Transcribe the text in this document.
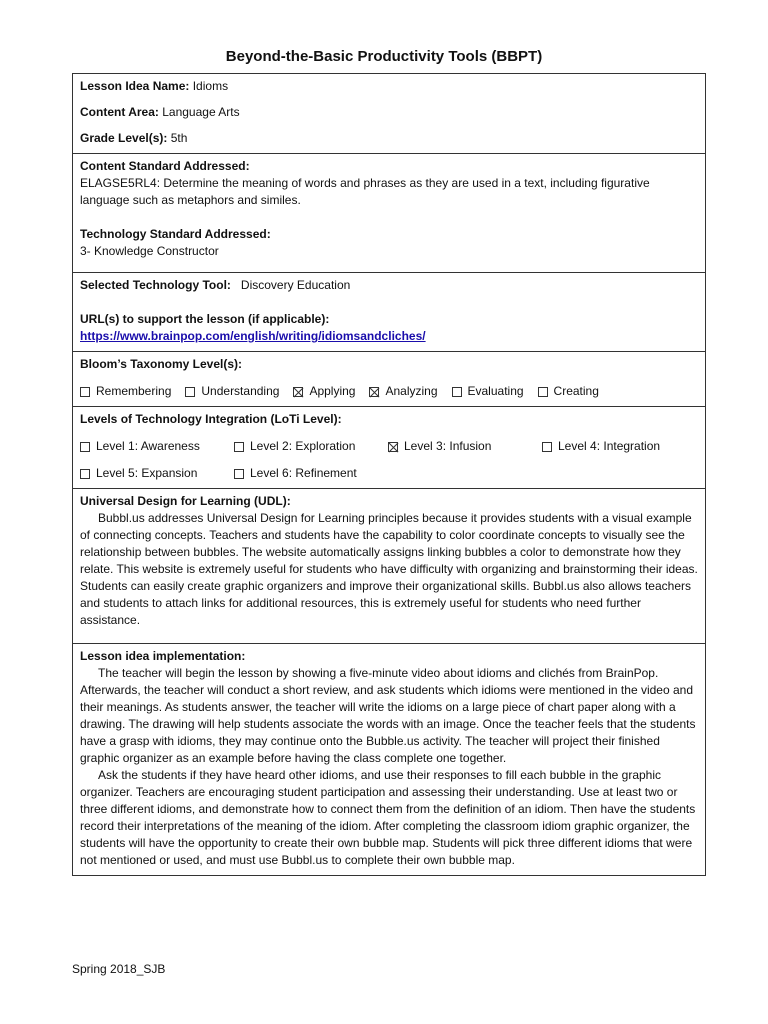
Beyond-the-Basic Productivity Tools (BBPT)
Lesson Idea Name: Idioms
Content Area: Language Arts
Grade Level(s): 5th
Content Standard Addressed:
ELAGSE5RL4: Determine the meaning of words and phrases as they are used in a text, including figurative language such as metaphors and similes.
Technology Standard Addressed:
3- Knowledge Constructor
Selected Technology Tool: Discovery Education
URL(s) to support the lesson (if applicable):
https://www.brainpop.com/english/writing/idiomsandcliches/
Bloom’s Taxonomy Level(s):
Remembering	Understanding	Applying	Analyzing	Evaluating	Creating
Levels of Technology Integration (LoTi Level):
Level 1: Awareness	Level 2: Exploration	Level 3: Infusion	Level 4: Integration
Level 5: Expansion	Level 6: Refinement
Universal Design for Learning (UDL):
Bubbl.us addresses Universal Design for Learning principles because it provides students with a visual example of connecting concepts. Teachers and students have the capability to color coordinate concepts to visually see the relationship between bubbles. The website automatically assigns linking bubbles a color to demonstrate how they relate. This website is extremely useful for students who have difficulty with organizing and brainstorming their ideas. Students can easily create graphic organizers and improve their organizational skills. Bubbl.us also allows teachers and students to attach links for additional resources, this is extremely useful for students who need further assistance.
Lesson idea implementation:
The teacher will begin the lesson by showing a five-minute video about idioms and clichés from BrainPop. Afterwards, the teacher will conduct a short review, and ask students which idioms were mentioned in the video and their meanings. As students answer, the teacher will write the idioms on a large piece of chart paper along with a drawing. The drawing will help students associate the words with an image. Once the teacher feels that the students have a grasp with idioms, they may continue onto the Bubble.us activity. The teacher will project their finished graphic organizer as an example before having the class complete one together.
Ask the students if they have heard other idioms, and use their responses to fill each bubble in the graphic organizer. Teachers are encouraging student participation and assessing their understanding. Use at least two or three different idioms, and demonstrate how to connect them from the definition of an idiom. Then have the students record their interpretations of the meaning of the idiom. After completing the classroom idiom graphic organizer, the students will have the opportunity to create their own bubble map. Students will pick three different idioms that were not mentioned or used, and must use Bubbl.us to complete their own bubble map.
Spring 2018_SJB
